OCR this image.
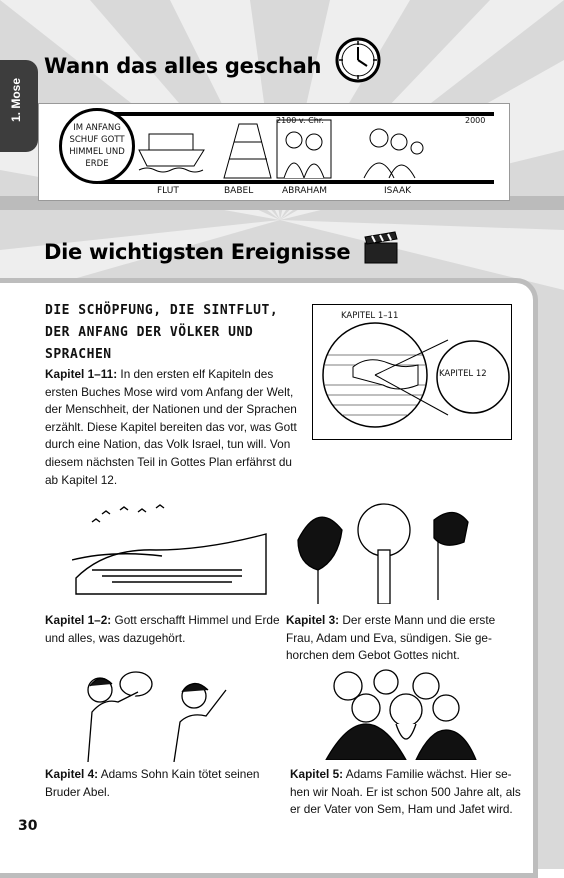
1. Mose
Wann das alles geschah
2100 v. Chr.	2000
FLUT	BABEL	ABRAHAM	ISAAK
IM ANFANG SCHUF GOTT HIMMEL UND ERDE
Die wichtigsten Ereignisse
DIE SCHÖPFUNG, DIE SINTFLUT, DER ANFANG DER VÖLKER UND SPRACHEN
Kapitel 1–11: In den ersten elf Kapiteln des ersten Buches Mose wird vom Anfang der Welt, der Menschheit, der Nationen und der Sprachen erzählt. Diese Kapitel bereiten das vor, was Gott durch eine Nation, das Volk Israel, tun will. Von diesem nächsten Teil in Gottes Plan erfährst du ab Kapitel 12.
KAPITEL 1–11
KAPITEL 12
Kapitel 1–2: Gott erschafft Himmel und Erde und alles, was dazugehört.
Kapitel 3: Der erste Mann und die erste Frau, Adam und Eva, sündigen. Sie gehorchen dem Gebot Gottes nicht.
Kapitel 4: Adams Sohn Kain tötet seinen Bruder Abel.
Kapitel 5: Adams Familie wächst. Hier sehen wir Noah. Er ist schon 500 Jahre alt, als er der Vater von Sem, Ham und Jafet wird.
30
